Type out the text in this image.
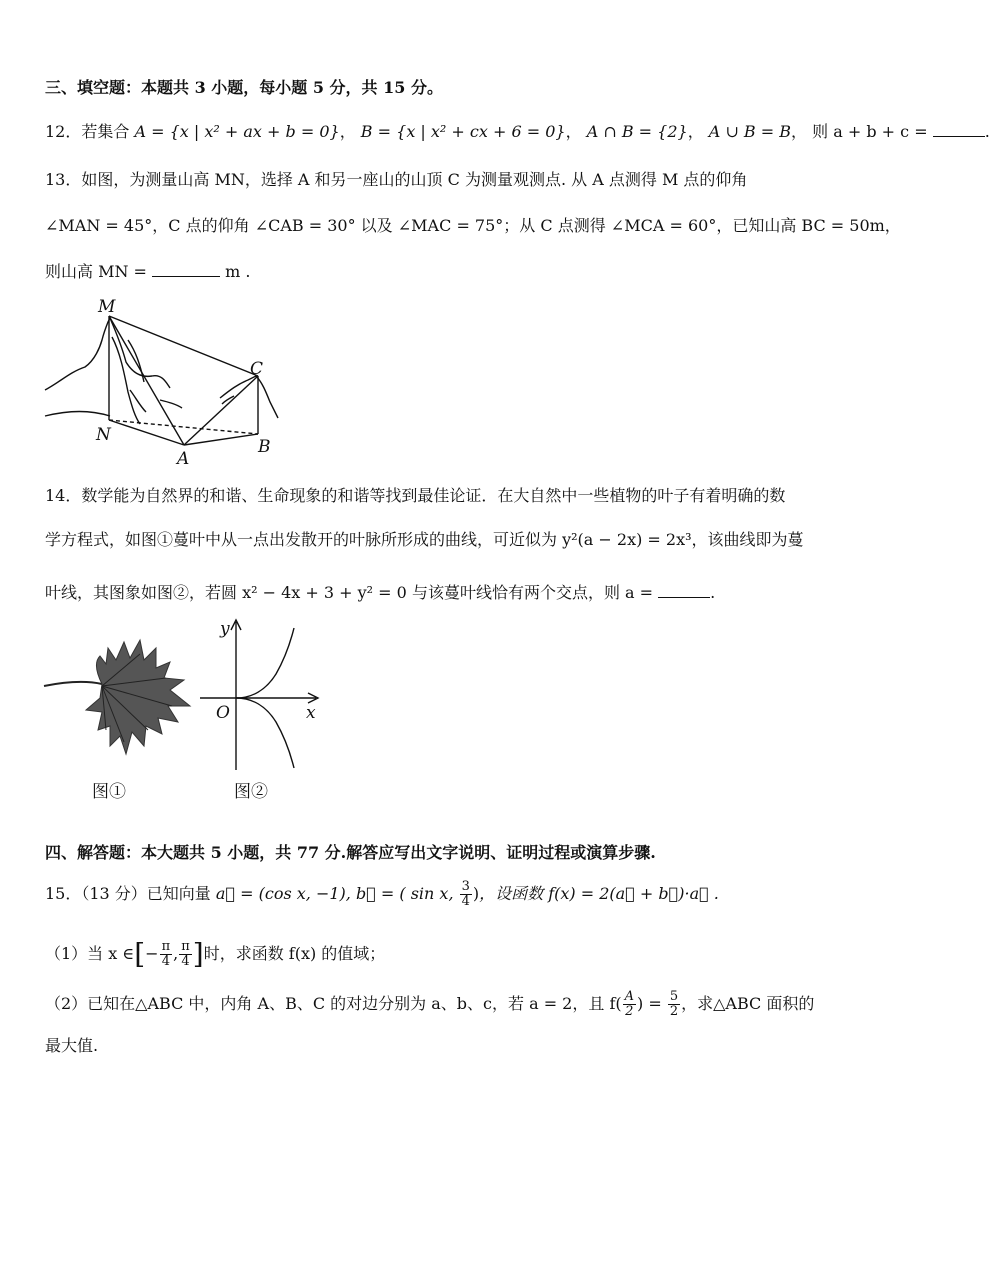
三、填空题：本题共 3 小题，每小题 5 分，共 15 分。
12．若集合 A = {x | x² + ax + b = 0}， B = {x | x² + cx + 6 = 0}， A ∩ B = {2}， A ∪ B = B， 则 a + b + c =	.
13．如图，为测量山高 MN，选择 A 和另一座山的山顶 C 为测量观测点. 从 A 点测得 M 点的仰角
∠MAN = 45°，C 点的仰角 ∠CAB = 30° 以及 ∠MAC = 75°；从 C 点测得 ∠MCA = 60°，已知山高 BC = 50m，
则山高 MN =	m .
M
C
N
A
B
14．数学能为自然界的和谐、生命现象的和谐等找到最佳论证．在大自然中一些植物的叶子有着明确的数
学方程式，如图①蔓叶中从一点出发散开的叶脉所形成的曲线，可近似为 y²(a − 2x) = 2x³，该曲线即为蔓
叶线，其图象如图②，若圆 x² − 4x + 3 + y² = 0 与该蔓叶线恰有两个交点，则 a =	.
图①
y
x
O
图②
四、解答题：本大题共 5 小题，共 77 分.解答应写出文字说明、证明过程或演算步骤.
15．（13 分）已知向量 a⃗ = (cos x, −1), b⃗ = ( sin x, $\frac{3}{4}$ )，设函数 f(x) = 2(a⃗ + b⃗)·a⃗ .
（1）当 x ∈[− $\frac{\pi}{4}$ , $\frac{\pi}{4}$ ]时，求函数 f(x) 的值域；
（2）已知在△ABC 中，内角 A、B、C 的对边分别为 a、b、c，若 a = 2，且 $f( \frac{A}{2}$ ) = $\frac{5}{2}$ ，求△ABC 面积的
最大值.
